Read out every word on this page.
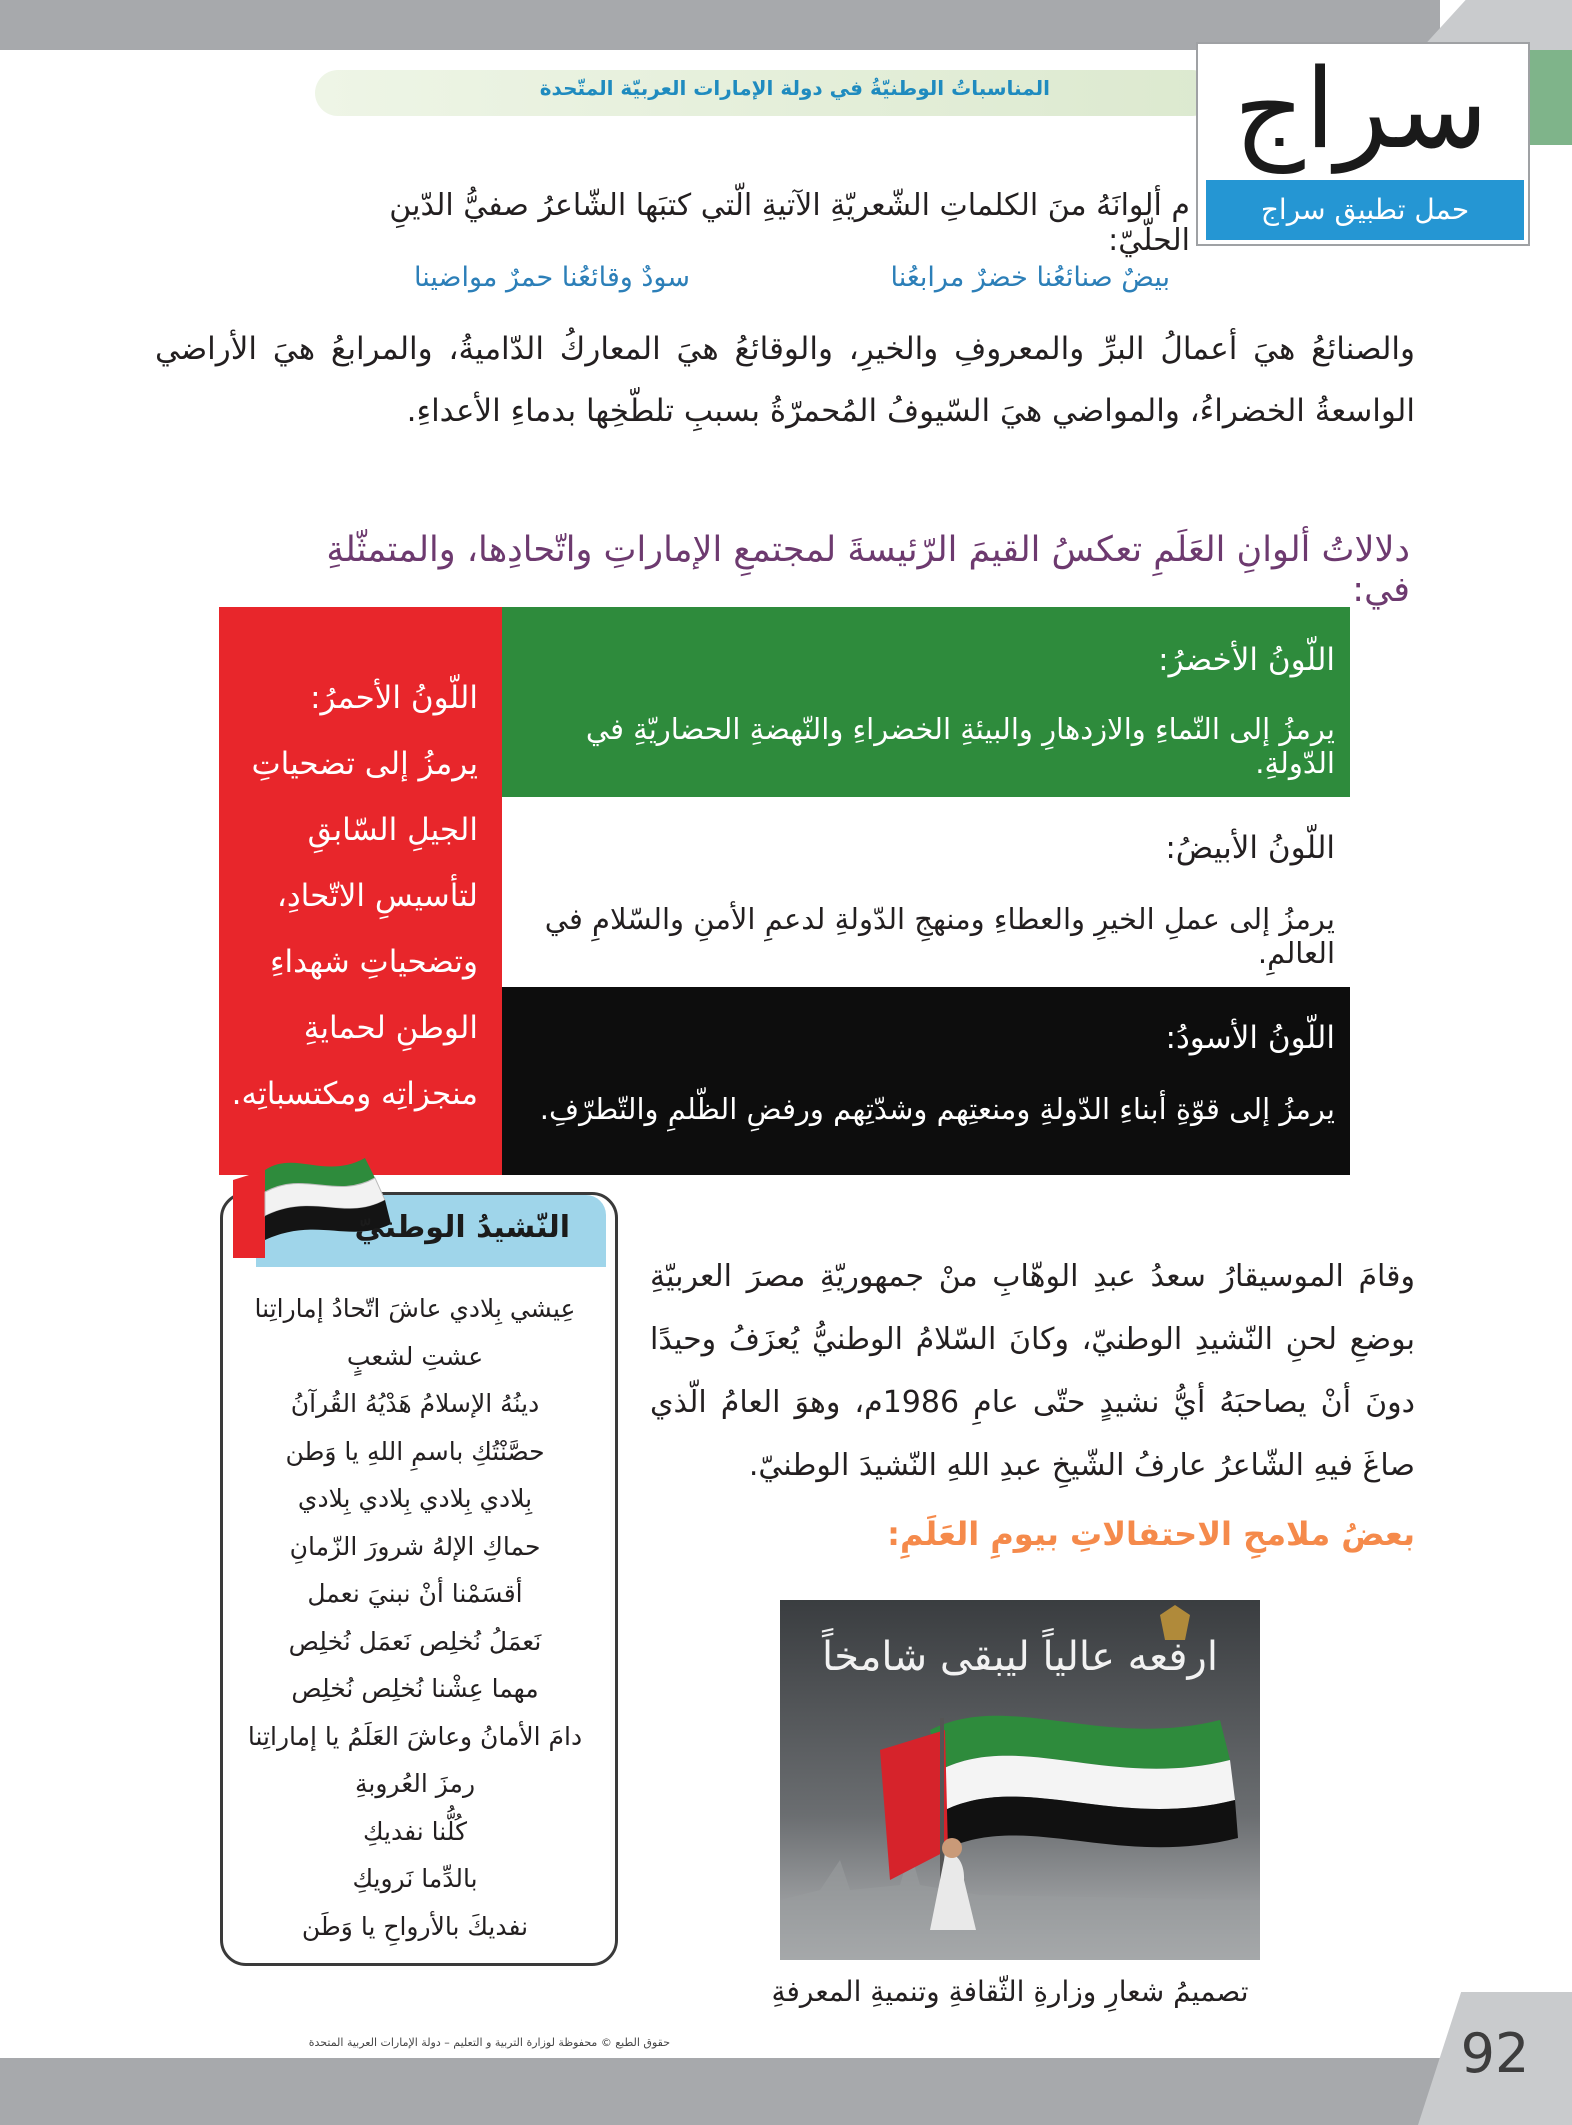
المناسباتُ الوطنيّةُ في دولة الإمارات العربيّة المتّحدة	سراج
حمل تطبيق سراج
م ألوانَهُ منَ الكلماتِ الشّعريّةِ الآتيةِ الّتي كتبَها الشّاعرُ صفيُّ الدّينِ الحلّيّ:
بيضٌ صنائعُنا خضرٌ مرابعُنا
سودٌ وقائعُنا حمرٌ مواضينا
والصنائعُ هيَ أعمالُ البرِّ والمعروفِ والخيرِ، والوقائعُ هيَ المعاركُ الدّاميةُ، والمرابعُ هيَ الأراضي الواسعةُ الخضراءُ، والمواضي هيَ السّيوفُ المُحمرّةُ بسببِ تلطّخِها بدماءِ الأعداءِ.
دلالاتُ ألوانِ العَلَمِ تعكسُ القيمَ الرّئيسةَ لمجتمعِ الإماراتِ واتّحادِها، والمتمثّلةِ في:
اللّونُ الأخضرُ:
يرمزُ إلى النّماءِ والازدهارِ والبيئةِ الخضراءِ والنّهضةِ الحضاريّةِ في الدّولةِ.
اللّونُ الأبيضُ:
يرمزُ إلى عملِ الخيرِ والعطاءِ ومنهجِ الدّولةِ لدعمِ الأمنِ والسّلامِ في العالمِ.
اللّونُ الأسودُ:
يرمزُ إلى قوّةِ أبناءِ الدّولةِ ومنعتِهم وشدّتِهم ورفضِ الظّلمِ والتّطرّفِ.
اللّونُ الأحمرُ:
يرمزُ إلى تضحياتِ الجيلِ السّابقِ لتأسيسِ الاتّحادِ، وتضحياتِ شهداءِ الوطنِ لحمايةِ منجزاتِه ومكتسباتِه.
النّشيدُ الوطنيّ
عِيشي بِلادي عاشَ اتّحادُ إماراتِنا
عشتِ لشعبٍ
دينُهُ الإسلامُ هَدْيُهُ القُرآنُ
حصَّنْتُكِ باسمِ اللهِ يا وَطن
بِلادي بِلادي بِلادي بِلادي
حماكِ الإلهُ شرورَ الزّمانِ
أقسَمْنا أنْ نبنيَ نعمل
نَعمَلُ نُخلِص نَعمَل نُخلِص
مهما عِشْنا نُخلِص نُخلِص
دامَ الأمانُ وعاشَ العَلَمُ يا إماراتِنا
رمزَ العُروبةِ
كُلُّنا نفديكِ
بالدِّما نَرويكِ
نفديكَ بالأرواحِ يا وَطَن
وقامَ الموسيقارُ سعدُ عبدِ الوهّابِ منْ جمهوريّةِ مصرَ العربيّةِ بوضعِ لحنِ النّشيدِ الوطنيّ، وكانَ السّلامُ الوطنيُّ يُعزَفُ وحيدًا دونَ أنْ يصاحبَهُ أيُّ نشيدٍ حتّى عامِ 1986م، وهوَ العامُ الّذي صاغَ فيهِ الشّاعرُ عارفُ الشّيخِ عبدِ اللهِ النّشيدَ الوطنيّ.
بعضُ ملامحِ الاحتفالاتِ بيومِ العَلَمِ:
ارفعه عالياً ليبقى شامخاً
تصميمُ شعارِ وزارةِ الثّقافةِ وتنميةِ المعرفةِ
92
حقوق الطبع © محفوظة لوزارة التربية و التعليم – دولة الإمارات العربية المتحدة
